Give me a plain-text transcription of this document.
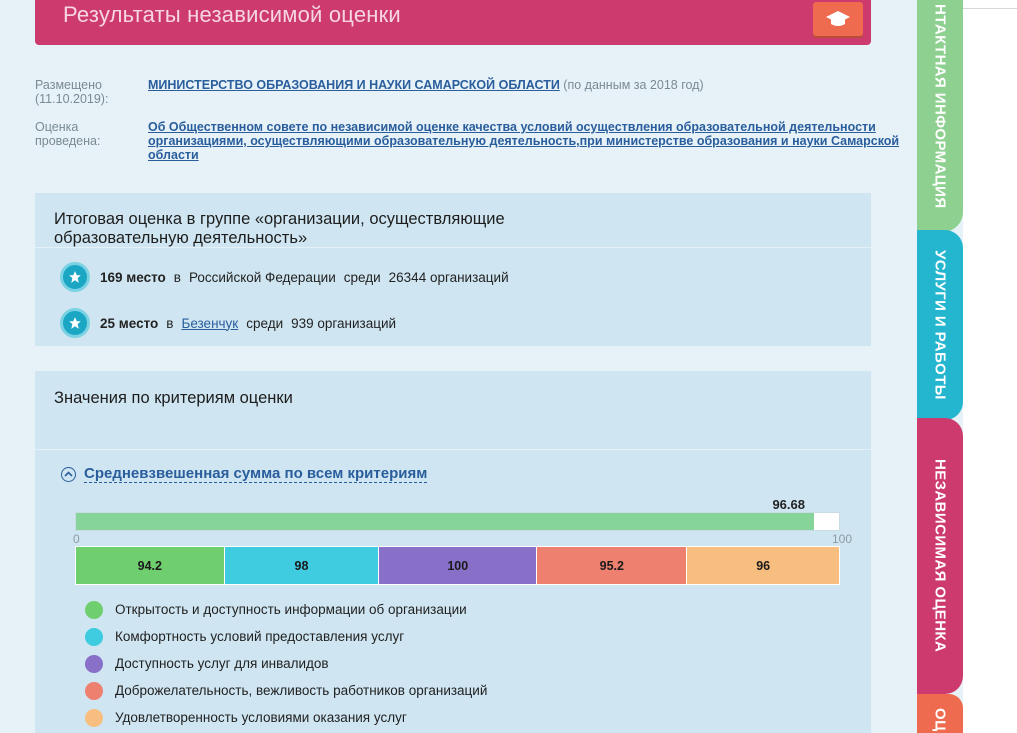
Результаты независимой оценки
Размещено (11.10.2019):
МИНИСТЕРСТВО ОБРАЗОВАНИЯ И НАУКИ САМАРСКОЙ ОБЛАСТИ (по данным за 2018 год)
Оценка проведена:
Об Общественном совете по независимой оценке качества условий осуществления образовательной деятельности организациями, осуществляющими образовательную деятельность,при министерстве образования и науки Самарской области
Итоговая оценка в группе «организации, осуществляющие образовательную деятельность»
169 место в Российской Федерации среди 26344 организаций
25 место в Безенчук среди 939 организаций
Значения по критериям оценки
Средневзвешенная сумма по всем критериям
96.68
0	100
94.2	98	100	95.2	96
Открытость и доступность информации об организации
Комфортность условий предоставления услуг
Доступность услуг для инвалидов
Доброжелательность, вежливость работников организаций
Удовлетворенность условиями оказания услуг
НТАКТНАЯ ИНФОРМАЦИЯ
УСЛУГИ И РАБОТЫ
НЕЗАВИСИМАЯ ОЦЕНКА
ОЦ
